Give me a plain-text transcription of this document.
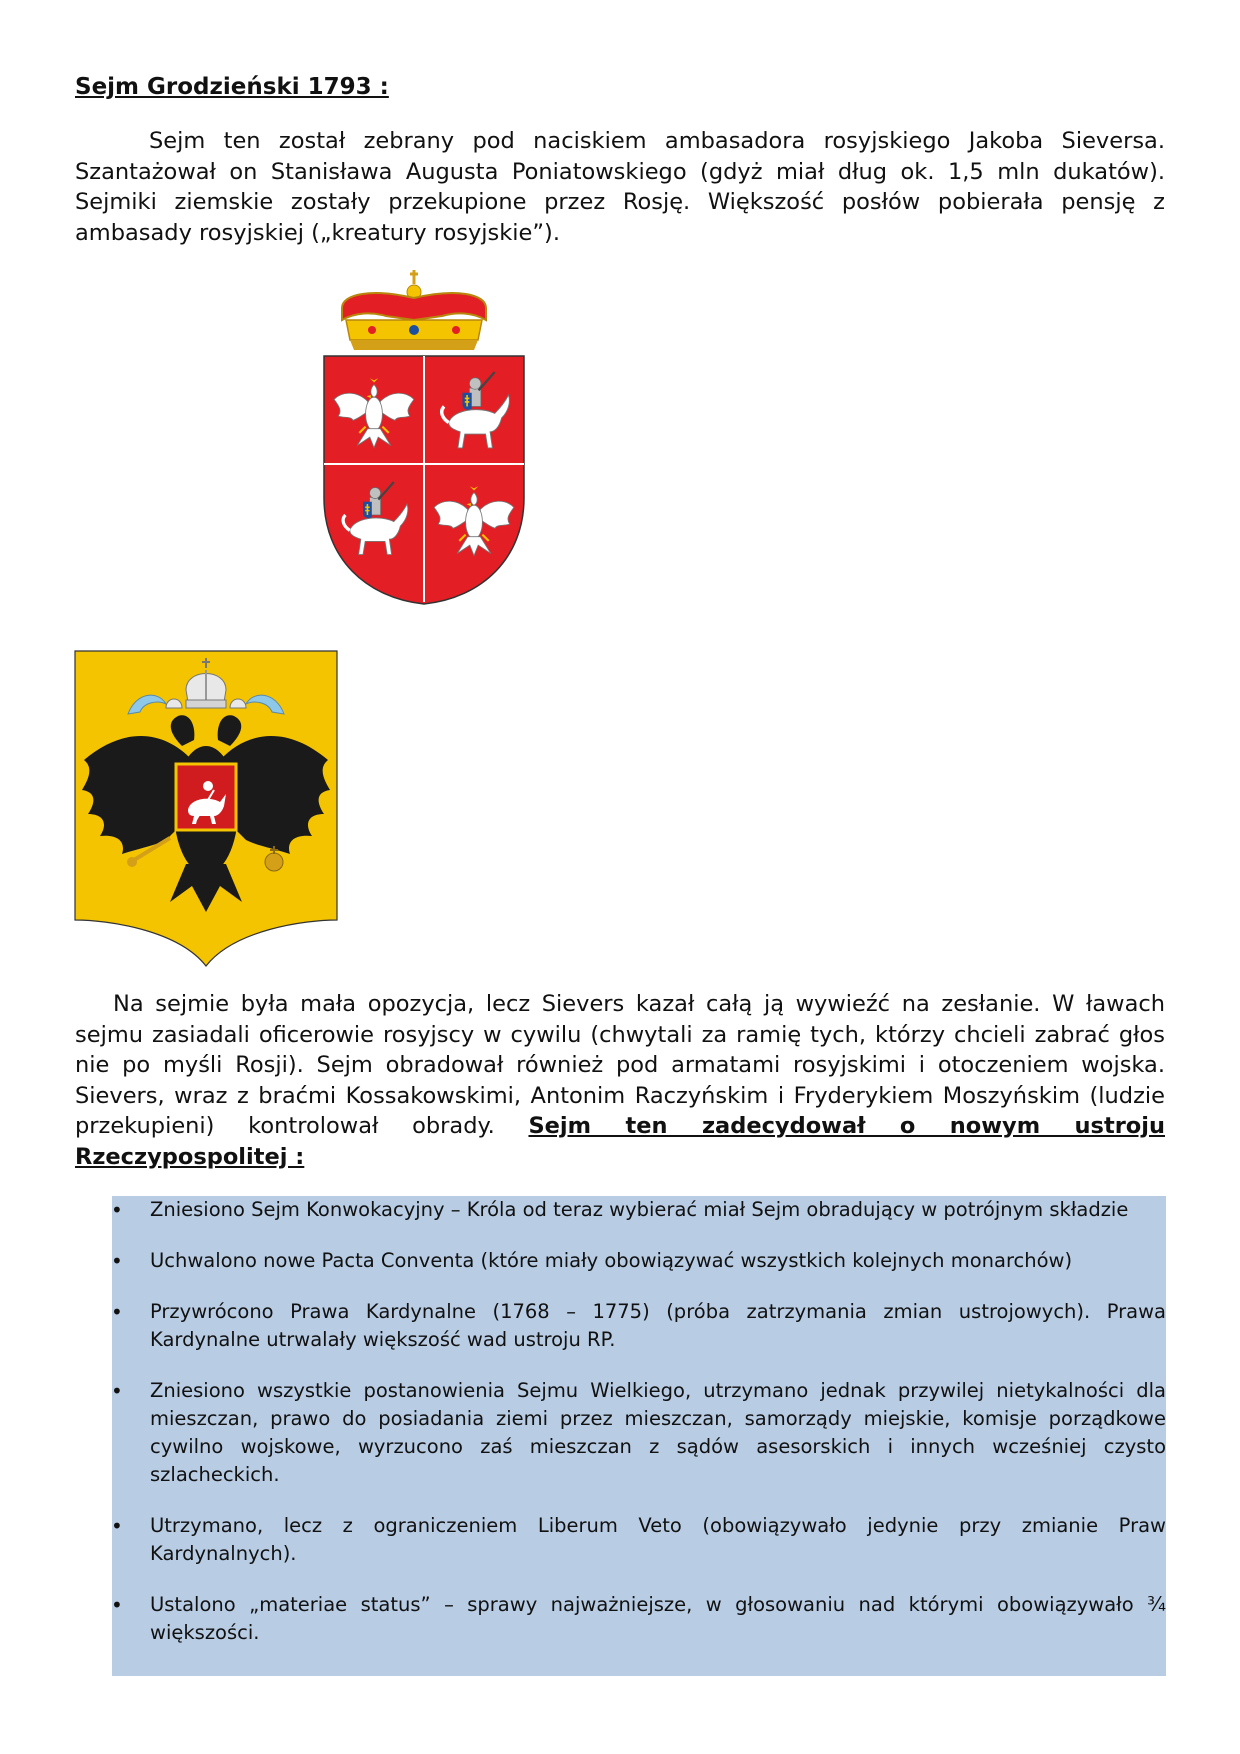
Sejm Grodzieński 1793 :

Sejm ten został zebrany pod naciskiem ambasadora rosyjskiego Jakoba Sieversa. Szantażował on Stanisława Augusta Poniatowskiego (gdyż miał dług ok. 1,5 mln dukatów). Sejmiki ziemskie zostały przekupione przez Rosję. Większość posłów pobierała pensję z ambasady rosyjskiej („kreatury rosyjskie”).

Na sejmie była mała opozycja, lecz Sievers kazał całą ją wywieźć na zesłanie. W ławach sejmu zasiadali oficerowie rosyjscy w cywilu (chwytali za ramię tych, którzy chcieli zabrać głos nie po myśli Rosji). Sejm obradował również pod armatami rosyjskimi i otoczeniem wojska. Sievers, wraz z braćmi Kossakowskimi, Antonim Raczyńskim i Fryderykiem Moszyńskim (ludzie przekupieni) kontrolował obrady. Sejm ten zadecydował o nowym ustroju Rzeczypospolitej :

• Zniesiono Sejm Konwokacyjny – Króla od teraz wybierać miał Sejm obradujący w potrójnym składzie
• Uchwalono nowe Pacta Conventa (które miały obowiązywać wszystkich kolejnych monarchów)
• Przywrócono Prawa Kardynalne (1768 – 1775) (próba zatrzymania zmian ustrojowych). Prawa Kardynalne utrwalały większość wad ustroju RP.
• Zniesiono wszystkie postanowienia Sejmu Wielkiego, utrzymano jednak przywilej nietykalności dla mieszczan, prawo do posiadania ziemi przez mieszczan, samorządy miejskie, komisje porządkowe cywilno wojskowe, wyrzucono zaś mieszczan z sądów asesorskich i innych wcześniej czysto szlacheckich.
• Utrzymano, lecz z ograniczeniem Liberum Veto (obowiązywało jedynie przy zmianie Praw Kardynalnych).
• Ustalono „materiae status” – sprawy najważniejsze, w głosowaniu nad którymi obowiązywało ¾ większości.
